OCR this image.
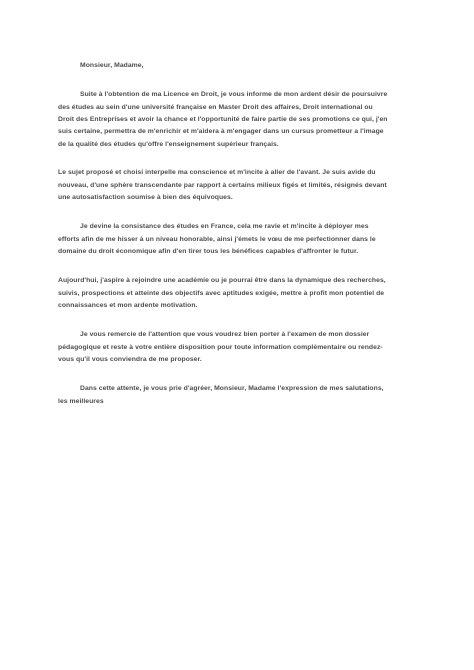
Monsieur, Madame,
Suite à l'obtention de ma Licence en Droit, je vous informe de mon ardent désir de poursuivre
des études au sein d'une université française en Master Droit des affaires, Droit international ou
Droit des Entreprises et avoir la chance et l'opportunité de faire partie de ses promotions ce qui, j'en
suis certaine, permettra de m'enrichir et m'aidera à m'engager dans un cursus prometteur a l'image
de la qualité des études qu'offre l'enseignement supérieur français.
Le sujet proposé et choisi interpelle ma conscience et m'incite à aller de l'avant. Je suis avide du
nouveau, d'une sphère transcendante par rapport à certains milieux figés et limités, résignés devant
une autosatisfaction soumise à bien des équivoques.
Je devine la consistance des études en France, cela me ravie et m'incite à déployer mes
efforts afin de me hisser à un niveau honorable, ainsi j'émets le vœu de me perfectionner dans le
domaine du droit économique afin d'en tirer tous les bénéfices capables d'affronter le futur.
Aujourd'hui, j'aspire à rejoindre une académie ou je pourrai être dans la dynamique des recherches,
suivis, prospections et atteinte des objectifs avec aptitudes exigée, mettre à profit mon potentiel de
connaissances et mon ardente motivation.
Je vous remercie de l'attention que vous voudrez bien porter à l'examen de mon dossier
pédagogique et reste à votre entière disposition pour toute information complémentaire ou rendez-
vous qu'il vous conviendra de me proposer.
Dans cette attente, je vous prie d'agréer, Monsieur, Madame l'expression de mes salutations,
les meilleures
